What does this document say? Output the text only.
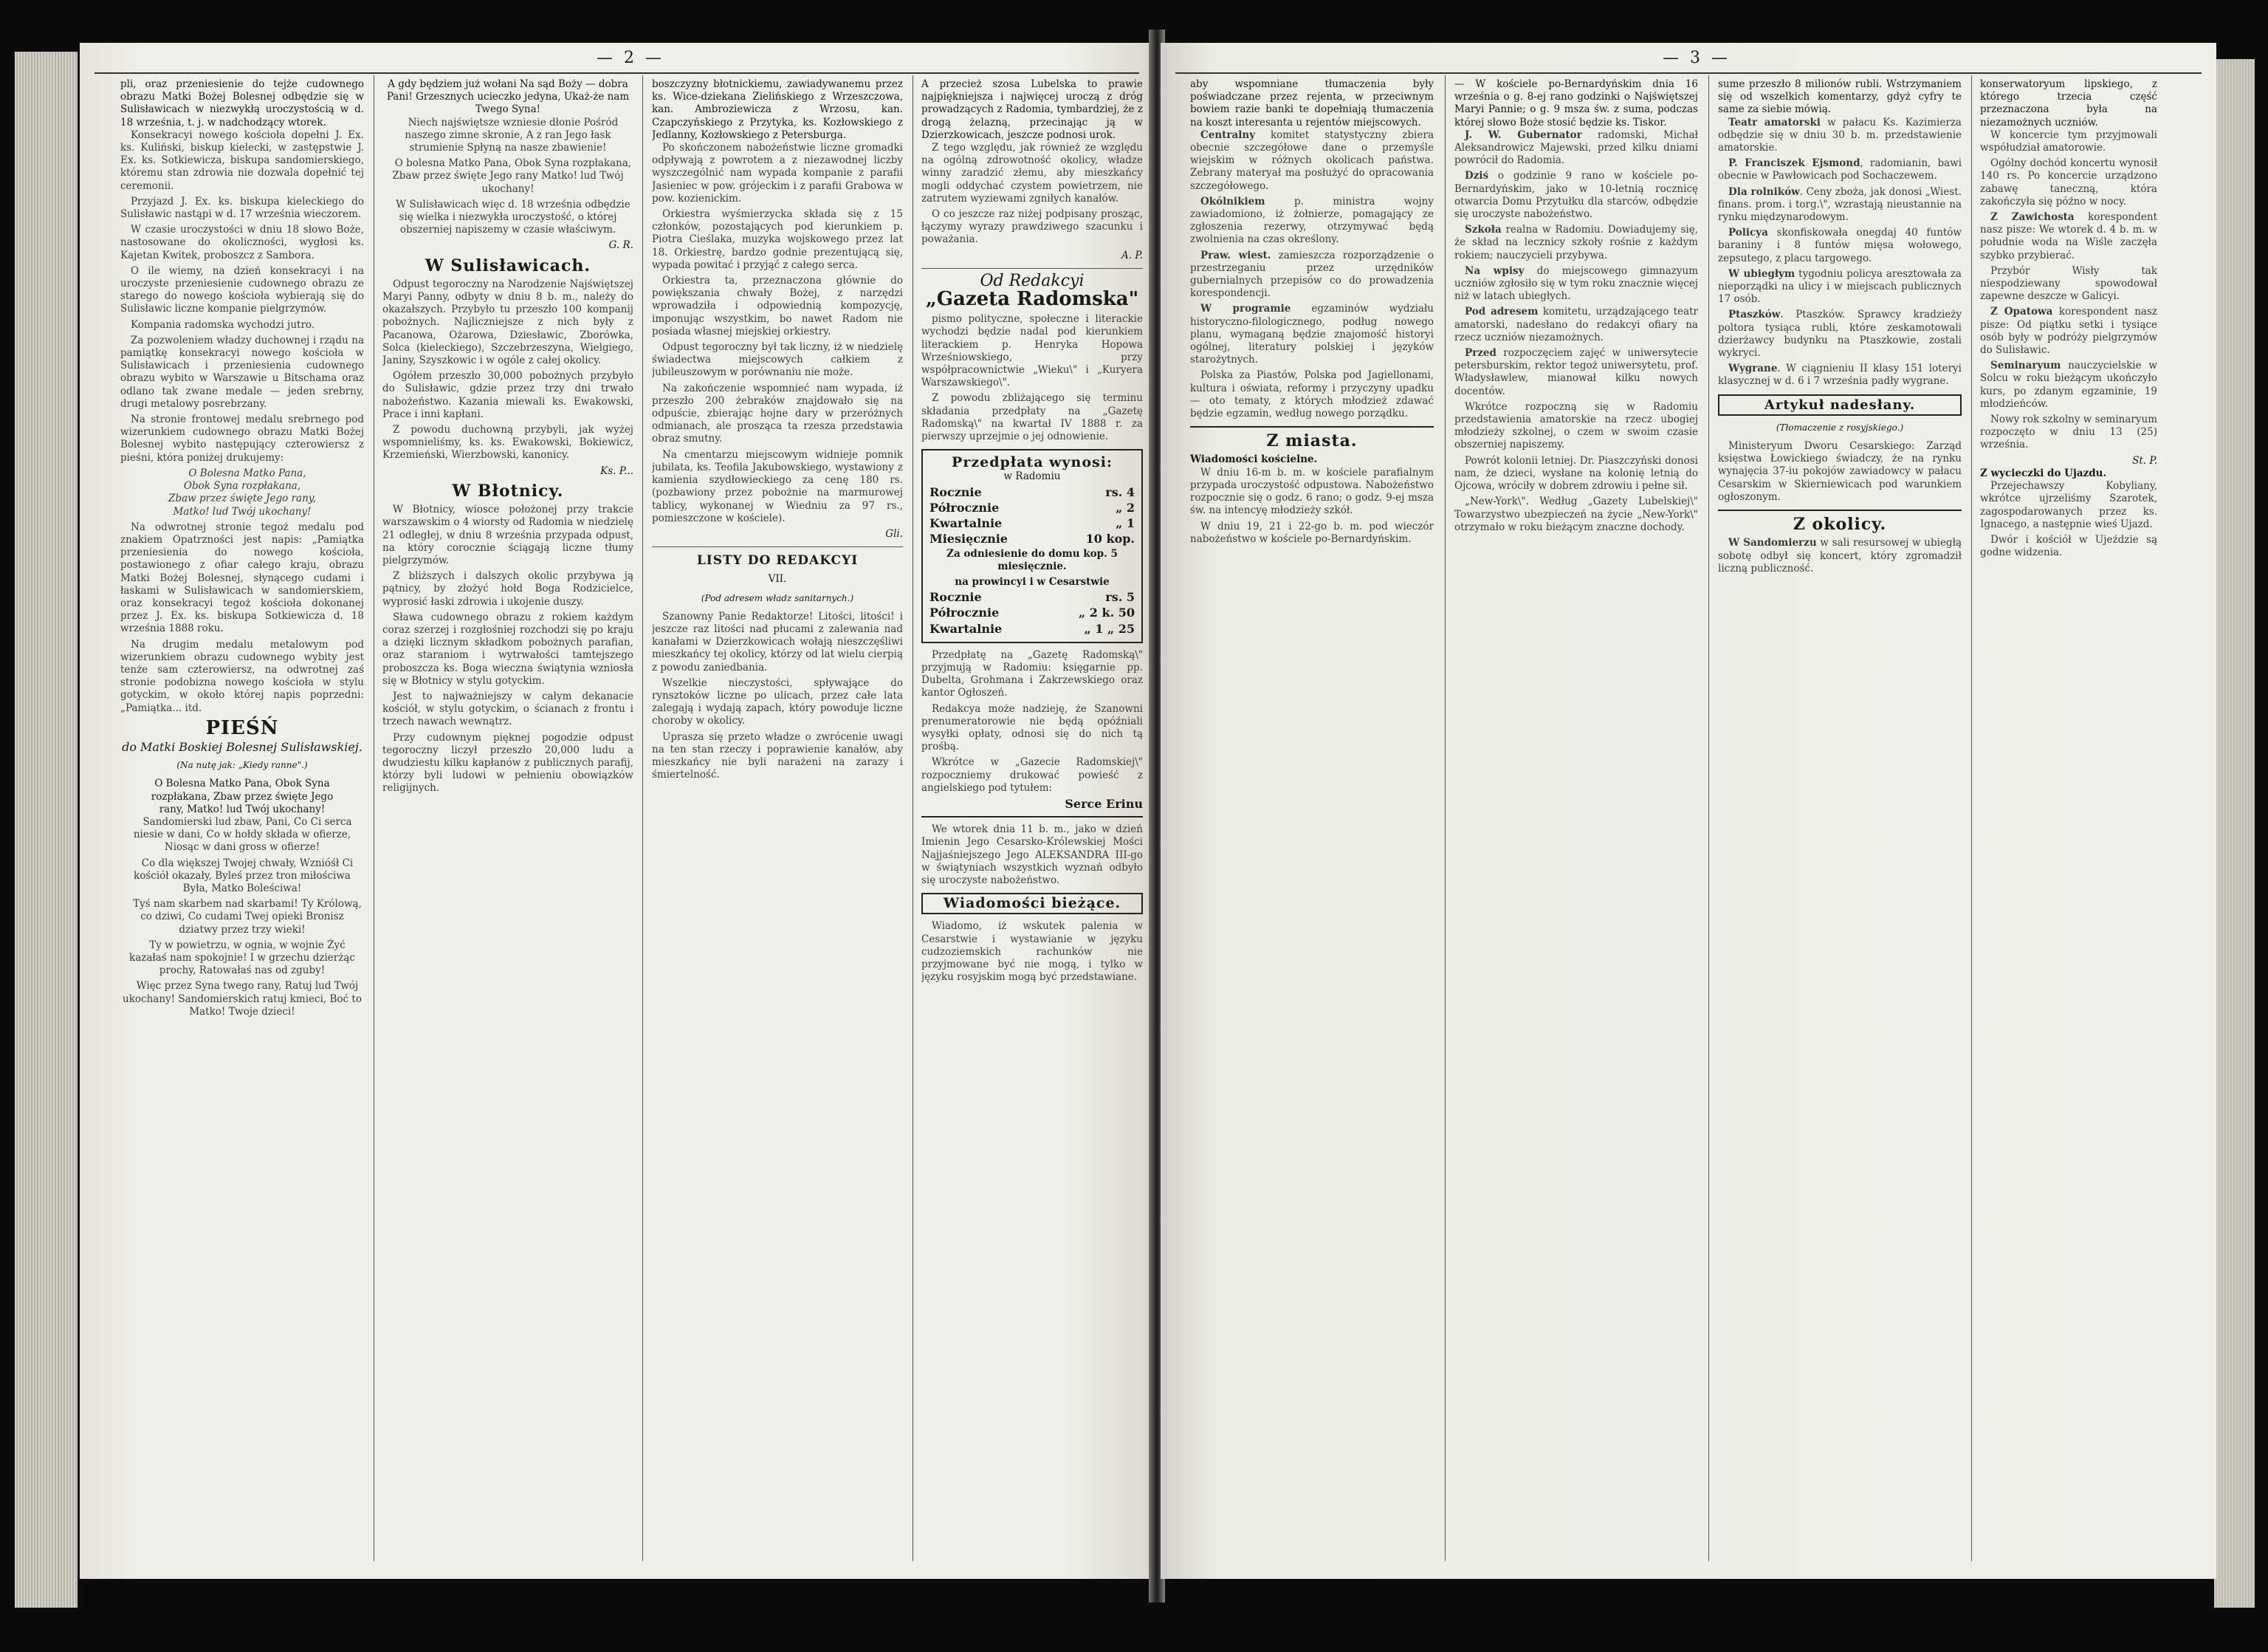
— 2 —
pli, oraz przeniesienie do tejże cudownego obrazu Matki Bożej Bolesnej odbędzie się w Sulisławicach w niezwykłą uroczystością w d. 18 września, t. j. w nadchodzący wtorek.

Konsekracyi nowego kościoła dopełni J. Ex. ks. Kuliński, biskup kielecki, w zastępstwie J. Ex. ks. Sotkiewicza, biskupa sandomierskiego, któremu stan zdrowia nie dozwala dopełnić tej ceremonii.

Przyjazd J. Ex. ks. biskupa kieleckiego do Sulisławic nastąpi w d. 17 września wieczorem.

W czasie uroczystości w dniu 18 słowo Boże, nastosowane do okoliczności, wygłosi ks. Kajetan Kwitek, proboszcz z Sambora.

O ile wiemy, na dzień konsekracyi i na uroczyste przeniesienie cudownego obrazu ze starego do nowego kościoła wybierają się do Sulisławic liczne kompanie pielgrzymów.

Kompania radomska wychodzi jutro.

Za pozwoleniem władzy duchownej i rządu na pamiątkę konsekracyi nowego kościoła w Sulisławicach i przeniesienia cudownego obrazu wybito w Warszawie u Bitschama oraz odlano tak zwane medale — jeden srebrny, drugi metalowy posrebrzany.

Na stronie frontowej medalu srebrnego pod wizerunkiem cudownego obrazu Matki Bożej Bolesnej wybito następujący czterowiersz z pieśni, która poniżej drukujemy:

O Bolesna Matko Pana,
Obok Syna rozpłakana,
Zbaw przez święte Jego rany,
Matko! lud Twój ukochany!

Na odwrotnej stronie tegoż medalu pod znakiem Opatrzności jest napis: „Pamiątka przeniesienia do nowego kościoła, postawionego z ofiar całego kraju, obrazu Matki Bożej Bolesnej, słynącego cudami i łaskami w Sulisławicach w sandomierskiem, oraz konsekracyi tegoż kościoła dokonanej przez J. Ex. ks. biskupa Sotkiewicza d. 18 września 1888 roku.

Na drugim medalu metalowym pod wizerunkiem obrazu cudownego wybity jest tenże sam czterowiersz, na odwrotnej zaś stronie podobizna nowego kościoła w stylu gotyckim, w około której napis poprzedni: „Pamiątka... itd.

PIEŚŃ
do Matki Boskiej Bolesnej Sulisławskiej.
(Na nutę jak: „Kiedy ranne".)
O Bolesna Matko Pana, Obok Syna rozpłakana, Zbaw przez święte Jego rany, Matko! lud Twój ukochany!

Sandomierski lud zbaw, Pani, Co Ci serca niesie w dani, Co w hołdy składa w ofierze, Niosąc w dani gross w ofierze!

Co dla większej Twojej chwały, Wznióśł Ci kościół okazały, Byleś przez tron miłościwa Była, Matko Boleściwa!

Tyś nam skarbem nad skarbami! Ty Królową, co dziwi, Co cudami Twej opieki Bronisz dziatwy przez trzy wieki!

Ty w powietrzu, w ognia, w wojnie Żyć kazałaś nam spokojnie! I w grzechu dzierżąc prochy, Ratowałaś nas od zguby!

Więc przez Syna twego rany, Ratuj lud Twój ukochany! Sandomierskich ratuj kmieci, Boć to Matko! Twoje dzieci!

A gdy będziem już wołani Na sąd Boży — dobra Pani! Grzesznych ucieczko jedyna, Ukaż-że nam Twego Syna!

Niech najświętsze wzniesie dłonie Pośród naszego zimne skronie, A z ran Jego łask strumienie Spłyną na nasze zbawienie!

O bolesna Matko Pana, Obok Syna rozpłakana, Zbaw przez święte Jego rany Matko! lud Twój ukochany!

W Sulisławicach więc d. 18 września odbędzie się wielka i niezwykła uroczystość, o której obszerniej napiszemy w czasie właściwym.

G. R.
W Sulisławicach.

Odpust tegoroczny na Narodzenie Najświętszej Maryi Panny, odbyty w dniu 8 b. m., należy do okazałszych. Przybyło tu przeszło 100 kompanij pobożnych. Najliczniejsze z nich były z Pacanowa, Ożarowa, Dziesławic, Zborówka, Solca (kieleckiego), Szczebrzeszyna, Wielgiego, Janiny, Szyszkowic i w ogóle z całej okolicy.

Ogółem przeszło 30,000 pobożnych przybyło do Sulisławic, gdzie przez trzy dni trwało nabożeństwo. Kazania miewali ks. Ewakowski, Prace i inni kapłani.

Z powodu duchowną przybyli, jak wyżej wspomnieliśmy, ks. ks. Ewakowski, Bokiewicz, Krzemieński, Wierzbowski, kanonicy.

Ks. P...
W Błotnicy.

W Błotnicy, wiosce położonej przy trakcie warszawskim o 4 wiorsty od Radomia w niedzielę 21 odległej, w dniu 8 września przypada odpust, na który corocznie ściągają liczne tłumy pielgrzymów.

Z bliższych i dalszych okolic przybywa ją pątnicy, by złożyć hołd Boga Rodzicielce, wyprosić łaski zdrowia i ukojenie duszy.

Sława cudownego obrazu z rokiem każdym coraz szerzej i rozgłośniej rozchodzi się po kraju a dzięki licznym składkom pobożnych parafian, oraz staraniom i wytrwałości tamtejszego proboszcza ks. Boga wieczna świątynia wzniosła się w Błotnicy w stylu gotyckim.

Jest to najważniejszy w całym dekanacie kościół, w stylu gotyckim, o ścianach z frontu i trzech nawach wewnątrz.

Przy cudownym pięknej pogodzie odpust tegoroczny liczył przeszło 20,000 ludu a dwudziestu kilku kapłanów z publicznych parafij, którzy byli ludowi w pełnieniu obowiązków religijnych.

boszczyzny błotnickiemu, zawiadywanemu przez ks. Wice-dziekana Zielińskiego z Wrzeszczowa, kan. Ambroziewicza z Wrzosu, kan. Czapczyńskiego z Przytyka, ks. Kozłowskiego z Jedlanny, Kozłowskiego z Petersburga.

Po skończonem nabożeństwie liczne gromadki odpływają z powrotem a z niezawodnej liczby wyszczególnić nam wypada kompanie z parafii Jasieniec w pow. grójeckim i z parafii Grabowa w pow. kozienickim.

Orkiestra wyśmierzycka składa się z 15 członków, pozostających pod kierunkiem p. Piotra Cieślaka, muzyka wojskowego przez lat 18. Orkiestrę, bardzo godnie prezentującą się, wypada powitać i przyjąć z całego serca.

Orkiestra ta, przeznaczona głównie do powiększania chwały Bożej, z narzędzi wprowadziła i odpowiednią kompozycję, imponując wszystkim, bo nawet Radom nie posiada własnej miejskiej orkiestry.

Odpust tegoroczny był tak liczny, iż w niedzielę świadectwa miejscowych całkiem z jubileuszowym w porównaniu nie może.

Na zakończenie wspomnieć nam wypada, iż przeszło 200 żebraków znajdowało się na odpuście, zbierając hojne dary w przeróżnych odmianach, ale prosząca ta rzesza przedstawia obraz smutny.

Na cmentarzu miejscowym widnieje pomnik jubilata, ks. Teofila Jakubowskiego, wystawiony z kamienia szydłowieckiego za cenę 180 rs. (pozbawiony przez pobożnie na marmurowej tablicy, wykonanej w Wiedniu za 97 rs., pomieszczone w kościele).

Gli.
LISTY DO REDAKCYI
VII.
(Pod adresem władz sanitarnych.)

Szanowny Panie Redaktorze! Litości, litości! i jeszcze raz litości nad płucami z zalewania nad kanałami w Dzierzkowicach wołają nieszczęśliwi mieszkańcy tej okolicy, którzy od lat wielu cierpią z powodu zaniedbania.

Wszelkie nieczystości, spływające do rynsztoków liczne po ulicach, przez całe lata zalegają i wydają zapach, który powoduje liczne choroby w okolicy.

Uprasza się przeto władze o zwrócenie uwagi na ten stan rzeczy i poprawienie kanałów, aby mieszkańcy nie byli narażeni na zarazy i śmiertelność.

A przecież szosa Lubelska to prawie najpiękniejsza i najwięcej uroczą z dróg prowadzących z Radomia, tymbardziej, że z drogą żelazną, przecinając ją w Dzierzkowicach, jeszcze podnosi urok.

Z tego względu, jak również ze względu na ogólną zdrowotność okolicy, władze winny zaradzić złemu, aby mieszkańcy mogli oddychać czystem powietrzem, nie zatrutem wyziewami zgniłych kanałów.

O co jeszcze raz niżej podpisany prosząc, łączymy wyrazy prawdziwego szacunku i poważania.

A. P.
Od Redakcyi
„Gazeta Radomska"

pismo polityczne, społeczne i literackie wychodzi będzie nadal pod kierunkiem literackiem p. Henryka Hopowa Wrześniowskiego, przy współpracownictwie „Wieku\" i „Kuryera Warszawskiego\".

Z powodu zbliżającego się terminu składania przedpłaty na „Gazetę Radomską\" na kwartał IV 1888 r. za pierwszy uprzejmie o jej odnowienie.

Przedpłata wynosi:
w Radomiu
Rocznie	rs. 4
Półrocznie	„ 2
Kwartalnie	„ 1
Miesięcznie	10 kop.
Za odniesienie do domu kop. 5 miesięcznie.
na prowincyi i w Cesarstwie
Rocznie	rs. 5
Półrocznie	„ 2 k. 50
Kwartalnie	„ 1 „ 25

Przedpłatę na „Gazetę Radomską\" przyjmują w Radomiu: księgarnie pp. Dubelta, Grohmana i Zakrzewskiego oraz kantor Ogłoszeń.

Redakcya może nadzieję, że Szanowni prenumeratorowie nie będą opóźniali wysyłki opłaty, odnosi się do nich tą prośbą.

Wkrótce w „Gazecie Radomskiej\" rozpoczniemy drukować powieść z angielskiego pod tytułem:

Serce Erinu

We wtorek dnia 11 b. m., jako w dzień Imienin Jego Cesarsko-Królewskiej Mości Najjaśniejszego Jego ALEKSANDRA III-go w świątyniach wszystkich wyznań odbyło się uroczyste nabożeństwo.

Wiadomości bieżące.

Wiadomo, iż wskutek palenia w Cesarstwie i wystawianie w języku cudzoziemskich rachunków nie przyjmowane być nie mogą, i tylko w języku rosyjskim mogą być przedstawiane.

— 3 —
aby wspomniane tłumaczenia były poświadczane przez rejenta, w przeciwnym bowiem razie banki te dopełniają tłumaczenia na koszt interesanta u rejentów miejscowych.

Centralny komitet statystyczny zbiera obecnie szczegółowe dane o przemyśle wiejskim w różnych okolicach państwa. Zebrany materyał ma posłużyć do opracowania szczegółowego.

Okólnikiem p. ministra wojny zawiadomiono, iż żołnierze, pomagający ze zgłoszenia rezerwy, otrzymywać będą zwolnienia na czas określony.

Praw. wiest. zamieszcza rozporządzenie o przestrzeganiu przez urzędników gubernialnych przepisów co do prowadzenia korespondencji.

W programie egzaminów wydziału historyczno-filologicznego, podług nowego planu, wymaganą będzie znajomość historyi ogólnej, literatury polskiej i języków starożytnych.

Polska za Piastów, Polska pod Jagiellonami, kultura i oświata, reformy i przyczyny upadku — oto tematy, z których młodzież zdawać będzie egzamin, według nowego porządku.

Z miasta.
Wiadomości kościelne.

W dniu 16-m b. m. w kościele parafialnym przypada uroczystość odpustowa. Nabożeństwo rozpocznie się o godz. 6 rano; o godz. 9-ej msza św. na intencyę młodzieży szkół.

W dniu 19, 21 i 22-go b. m. pod wieczór nabożeństwo w kościele po-Bernardyńskim.

— W kościele po-Bernardyńskim dnia 16 września o g. 8-ej rano godzinki o Najświętszej Maryi Pannie; o g. 9 msza św. z suma, podczas której słowo Boże stosić będzie ks. Tiskor.

J. W. Gubernator radomski, Michał Aleksandrowicz Majewski, przed kilku dniami powrócił do Radomia.

Dziś o godzinie 9 rano w kościele po-Bernardyńskim, jako w 10-letnią rocznicę otwarcia Domu Przytułku dla starców, odbędzie się uroczyste nabożeństwo.

Szkoła realna w Radomiu. Dowiadujemy się, że skład na lecznicy szkoły rośnie z każdym rokiem; nauczycieli przybywa.

Na wpisy do miejscowego gimnazyum uczniów zgłosiło się w tym roku znacznie więcej niż w latach ubiegłych.

Pod adresem komitetu, urządzającego teatr amatorski, nadesłano do redakcyi ofiary na rzecz uczniów niezamożnych.

Przed rozpoczęciem zajęć w uniwersytecie petersburskim, rektor tegoż uniwersytetu, prof. Władysławlew, mianował kilku nowych docentów.

Wkrótce rozpoczną się w Radomiu przedstawienia amatorskie na rzecz ubogiej młodzieży szkolnej, o czem w swoim czasie obszerniej napiszemy.

Powrót kolonii letniej. Dr. Piaszczyński donosi nam, że dzieci, wysłane na kolonię letnią do Ojcowa, wróciły w dobrem zdrowiu i pełne sił.

„New-York\". Według „Gazety Lubelskiej\" Towarzystwo ubezpieczeń na życie „New-York\" otrzymało w roku bieżącym znaczne dochody.

sume przeszło 8 milionów rubli. Wstrzymaniem się od wszelkich komentarzy, gdyż cyfry te same za siebie mówią.

Teatr amatorski w pałacu Ks. Kazimierza odbędzie się w dniu 30 b. m. przedstawienie amatorskie.

P. Franciszek Ejsmond, radomianin, bawi obecnie w Pawłowicach pod Sochaczewem.

Dla rolników. Ceny zboża, jak donosi „Wiest. finans. prom. i torg.\", wzrastają nieustannie na rynku międzynarodowym.

Policya skonfiskowała onegdaj 40 funtów baraniny i 8 funtów mięsa wołowego, zepsutego, z placu targowego.

W ubiegłym tygodniu policya aresztowała za nieporządki na ulicy i w miejscach publicznych 17 osób.

Ptaszków. Ptaszków. Sprawcy kradzieży poltora tysiąca rubli, które zeskamotowali dzierżawcy budynku na Ptaszkowie, zostali wykryci.

Wygrane. W ciągnieniu II klasy 151 loteryi klasycznej w d. 6 i 7 września padły wygrane.

Artykuł nadesłany.
(Tłomaczenie z rosyjskiego.)

Ministeryum Dworu Cesarskiego: Zarząd księstwa Łowickiego świadczy, że na rynku wynajęcia 37-iu pokojów zawiadowcy w pałacu Cesarskim w Skierniewicach pod warunkiem ogłoszonym.

Z okolicy.

W Sandomierzu w sali resursowej w ubiegłą sobotę odbył się koncert, który zgromadził liczną publiczność.

konserwatoryum lipskiego, z którego trzecia część przeznaczona była na niezamożnych uczniów.

W koncercie tym przyjmowali współudział amatorowie.

Ogólny dochód koncertu wynosił 140 rs. Po koncercie urządzono zabawę taneczną, która zakończyła się późno w nocy.

Z Zawichosta korespondent nasz pisze: We wtorek d. 4 b. m. w południe woda na Wiśle zaczęła szybko przybierać.

Przybór Wisły tak niespodziewany spowodował zapewne deszcze w Galicyi.

Z Opatowa korespondent nasz pisze: Od piątku setki i tysiące osób były w podróży pielgrzymów do Sulisławic.

Seminaryum nauczycielskie w Solcu w roku bieżącym ukończyło kurs, po zdanym egzaminie, 19 młodzieńców.

Nowy rok szkolny w seminaryum rozpoczęto w dniu 13 (25) września.

St. P.
Z wycieczki do Ujazdu.

Przejechawszy Kobyliany, wkrótce ujrzeliśmy Szarotek, zagospodarowanych przez ks. Ignacego, a następnie wieś Ujazd.

Dwór i kościół w Ujeździe są godne widzenia.
